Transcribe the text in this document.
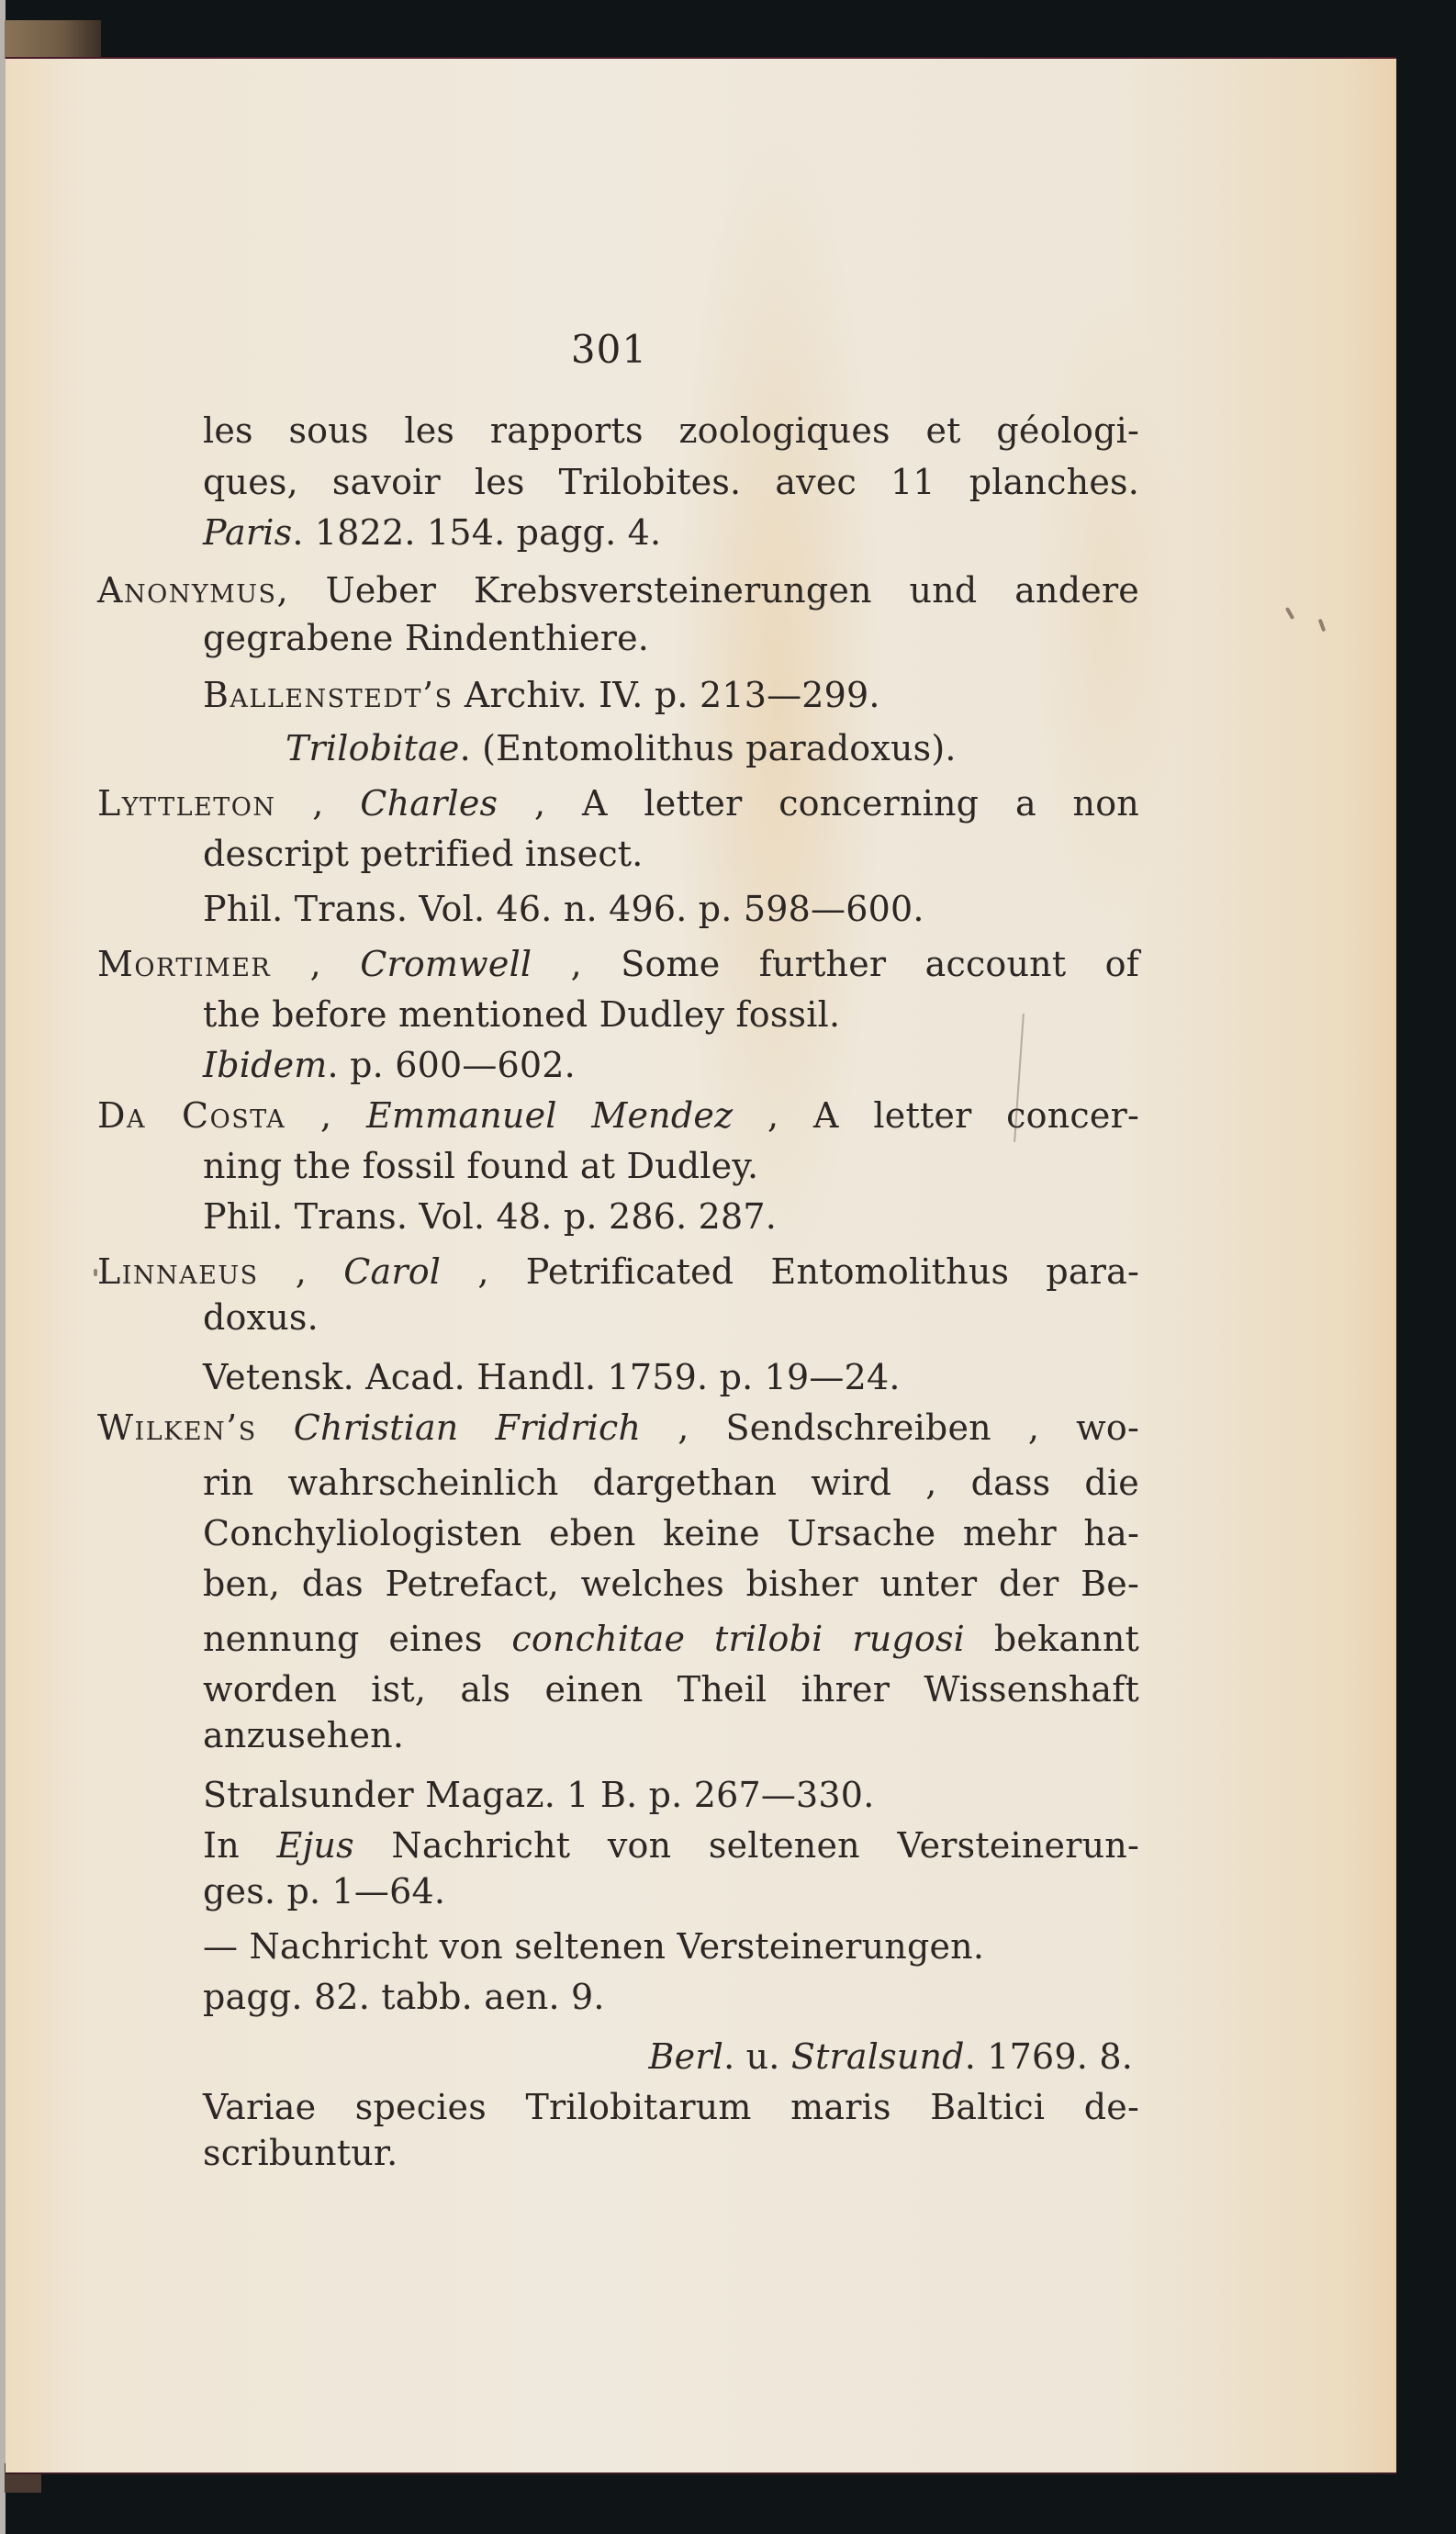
301
les sous les rapports zoologiques et géologi-
ques, savoir les Trilobites. avec 11 planches.
Paris. 1822. 154. pagg. 4.
Anonymus, Ueber Krebsversteinerungen und andere
gegrabene Rindenthiere.
Ballenstedt’s Archiv. IV. p. 213—299.
Trilobitae. (Entomolithus paradoxus).
Lyttleton , Charles , A letter concerning a non
descript petrified insect.
Phil. Trans. Vol. 46. n. 496. p. 598—600.
Mortimer , Cromwell , Some further account of
the before mentioned Dudley fossil.
Ibidem. p. 600—602.
Da Costa , Emmanuel Mendez , A letter concer-
ning the fossil found at Dudley.
Phil. Trans. Vol. 48. p. 286. 287.
Linnaeus , Carol , Petrificated Entomolithus para-
doxus.
Vetensk. Acad. Handl. 1759. p. 19—24.
Wilken’s Christian Fridrich , Sendschreiben , wo-
rin wahrscheinlich dargethan wird , dass die
Conchyliologisten eben keine Ursache mehr ha-
ben, das Petrefact, welches bisher unter der Be-
nennung eines conchitae trilobi rugosi bekannt
worden ist, als einen Theil ihrer Wissenshaft
anzusehen.
Stralsunder Magaz. 1 B. p. 267—330.
In Ejus Nachricht von seltenen Versteinerun-
ges. p. 1—64.
— Nachricht von seltenen Versteinerungen.
pagg. 82. tabb. aen. 9.
Berl. u. Stralsund. 1769. 8.
Variae species Trilobitarum maris Baltici de-
scribuntur.
